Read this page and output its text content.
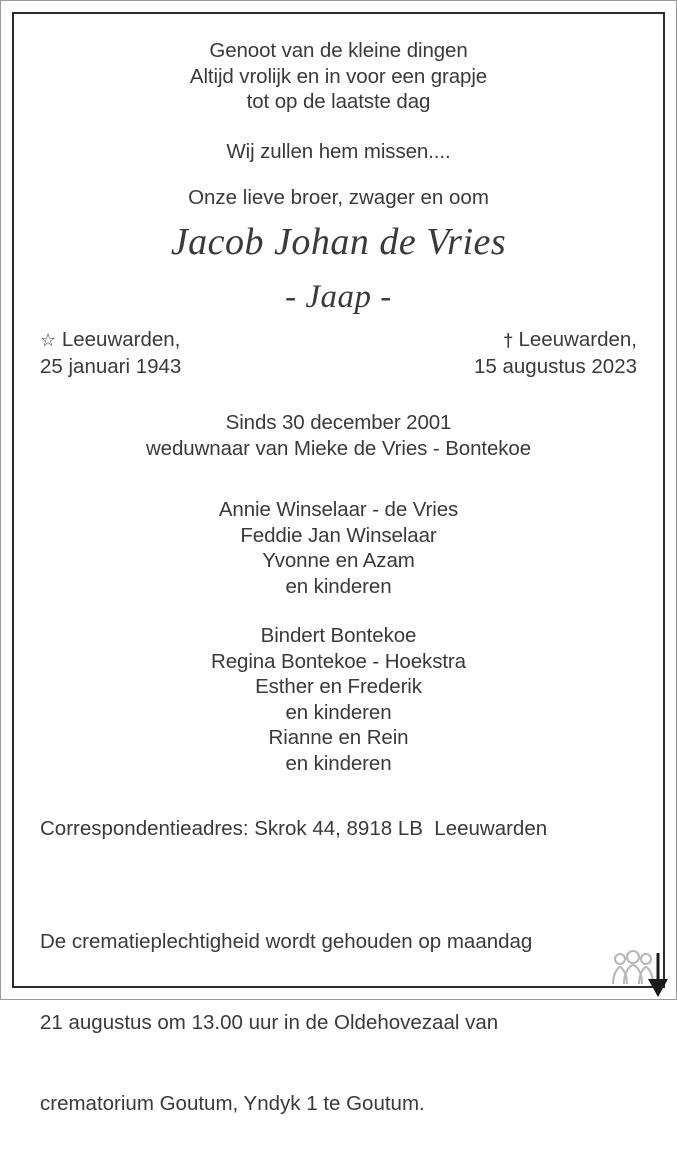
Genoot van de kleine dingen
Altijd vrolijk en in voor een grapje
tot op de laatste dag
Wij zullen hem missen....
Onze lieve broer, zwager en oom
Jacob Johan de Vries
- Jaap -
☆ Leeuwarden,
25 januari 1943
† Leeuwarden,
15 augustus 2023
Sinds 30 december 2001
weduwnaar van Mieke de Vries - Bontekoe
Annie Winselaar - de Vries
Feddie Jan Winselaar
Yvonne en Azam
en kinderen
Bindert Bontekoe
Regina Bontekoe - Hoekstra
Esther en Frederik
en kinderen
Rianne en Rein
en kinderen
Correspondentieadres: Skrok 44, 8918 LB  Leeuwarden

De crematieplechtigheid wordt gehouden op maandag

21 augustus om 13.00 uur in de Oldehovezaal van

crematorium Goutum, Yndyk 1 te Goutum.
